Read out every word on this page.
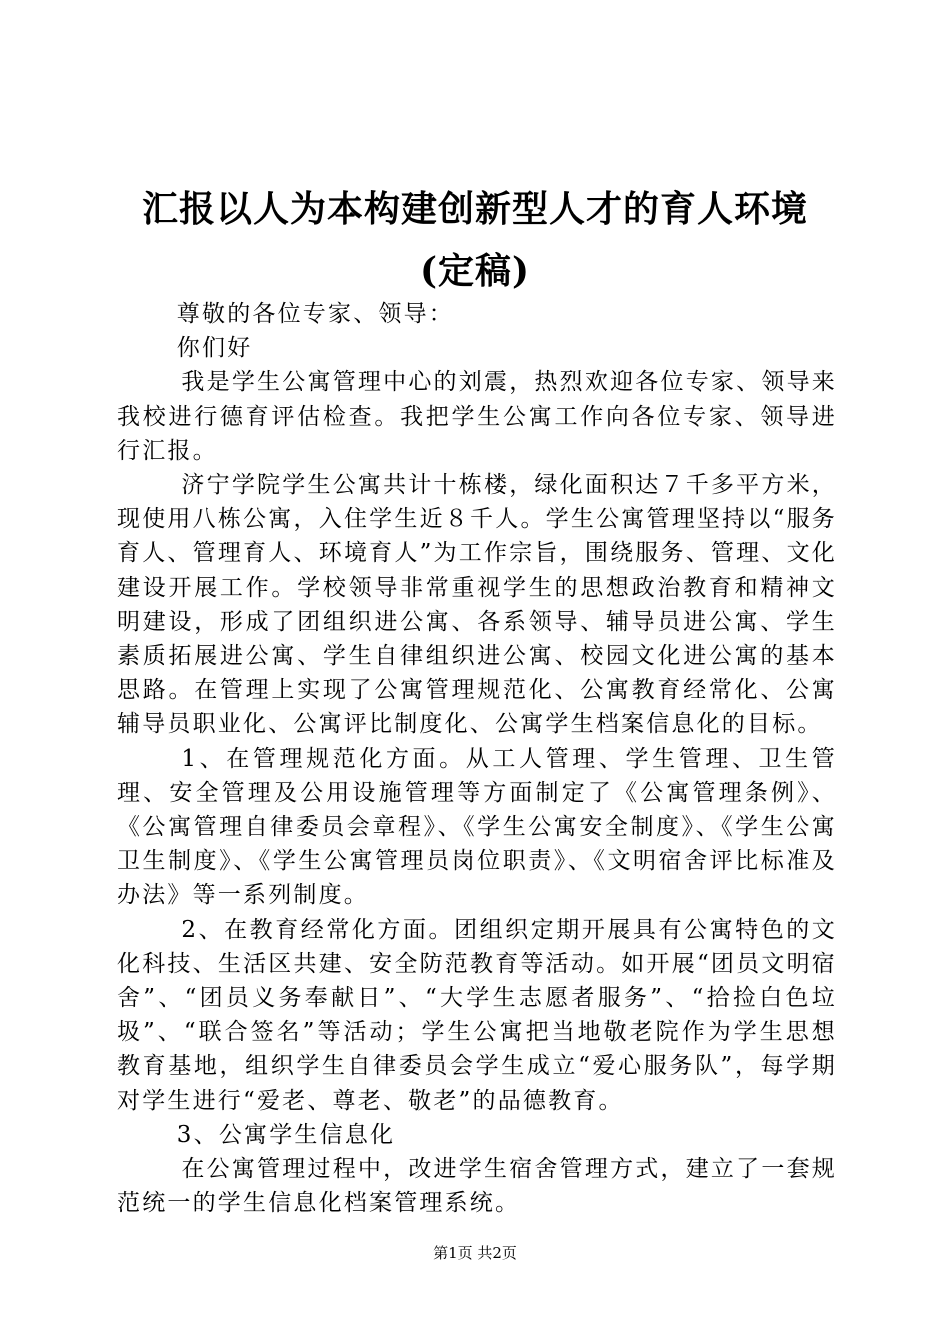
汇报以人为本构建创新型人才的育人环境(定稿)

尊敬的各位专家、领导：

你们好

我是学生公寓管理中心的刘震，热烈欢迎各位专家、领导来我校进行德育评估检查。我把学生公寓工作向各位专家、领导进行汇报。

济宁学院学生公寓共计十栋楼，绿化面积达７千多平方米，现使用八栋公寓，入住学生近８千人。学生公寓管理坚持以“服务育人、管理育人、环境育人”为工作宗旨，围绕服务、管理、文化建设开展工作。学校领导非常重视学生的思想政治教育和精神文明建设，形成了团组织进公寓、各系领导、辅导员进公寓、学生素质拓展进公寓、学生自律组织进公寓、校园文化进公寓的基本思路。在管理上实现了公寓管理规范化、公寓教育经常化、公寓辅导员职业化、公寓评比制度化、公寓学生档案信息化的目标。

1、在管理规范化方面。从工人管理、学生管理、卫生管理、安全管理及公用设施管理等方面制定了《公寓管理条例》、《公寓管理自律委员会章程》、《学生公寓安全制度》、《学生公寓卫生制度》、《学生公寓管理员岗位职责》、《文明宿舍评比标准及办法》等一系列制度。

2、在教育经常化方面。团组织定期开展具有公寓特色的文化科技、生活区共建、安全防范教育等活动。如开展“团员文明宿舍”、“团员义务奉献日”、“大学生志愿者服务”、“拾捡白色垃圾”、“联合签名”等活动；学生公寓把当地敬老院作为学生思想教育基地，组织学生自律委员会学生成立“爱心服务队”，每学期对学生进行“爱老、尊老、敬老”的品德教育。

3、公寓学生信息化

在公寓管理过程中，改进学生宿舍管理方式，建立了一套规范统一的学生信息化档案管理系统。

第1页 共2页
